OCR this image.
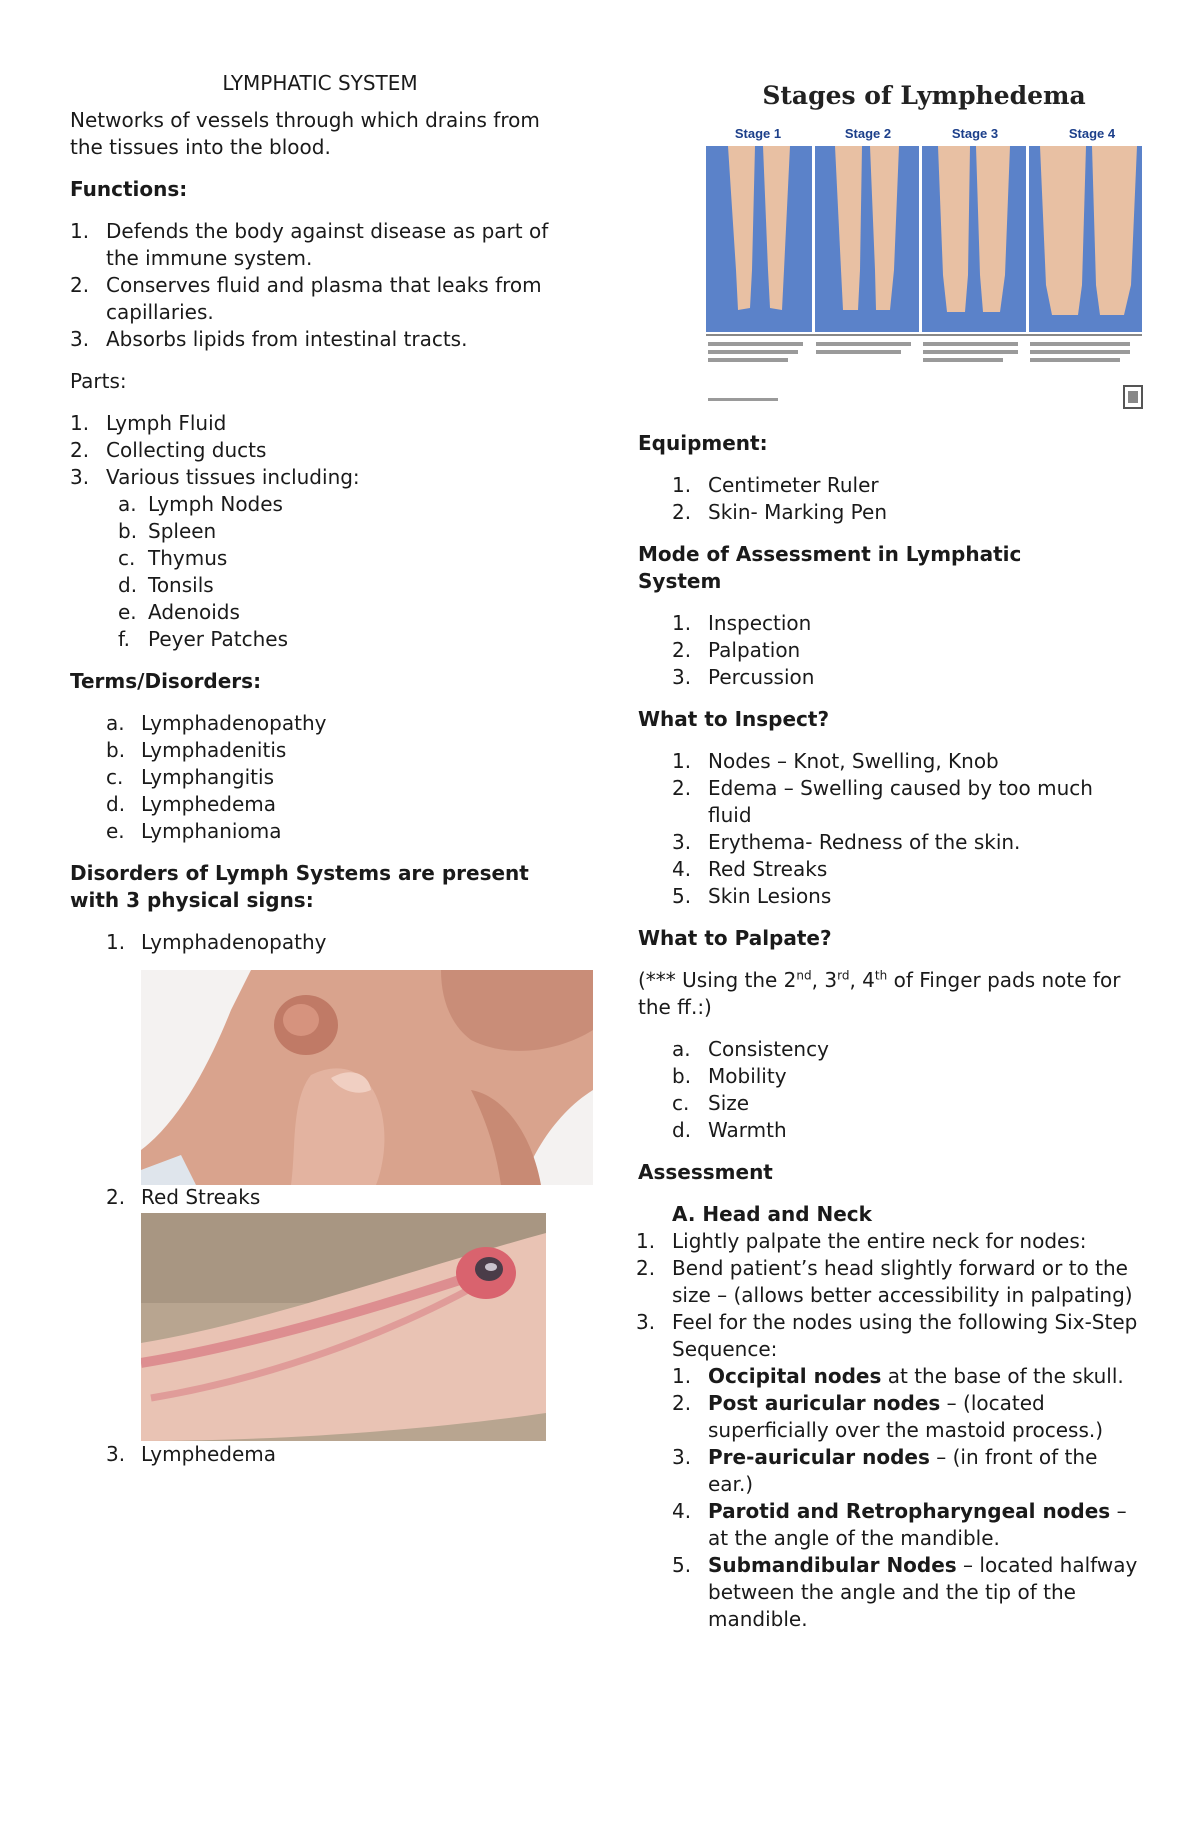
LYMPHATIC SYSTEM

Networks of vessels through which drains from the tissues into the blood.

Functions:

1. Defends the body against disease as part of the immune system.
2. Conserves fluid and plasma that leaks from capillaries.
3. Absorbs lipids from intestinal tracts.

Parts:

1. Lymph Fluid
2. Collecting ducts
3. Various tissues including:
a. Lymph Nodes
b. Spleen
c. Thymus
d. Tonsils
e. Adenoids
f. Peyer Patches

Terms/Disorders:

a. Lymphadenopathy
b. Lymphadenitis
c. Lymphangitis
d. Lymphedema
e. Lymphanioma

Disorders of Lymph Systems are present with 3 physical signs:

1. Lymphadenopathy
2. Red Streaks
3. Lymphedema
Stages of Lymphedema
Stage 1	Stage 2	Stage 3	Stage 4

Equipment:

1. Centimeter Ruler
2. Skin- Marking Pen

Mode of Assessment in Lymphatic System

1. Inspection
2. Palpation
3. Percussion

What to Inspect?

1. Nodes – Knot, Swelling, Knob
2. Edema – Swelling caused by too much fluid
3. Erythema- Redness of the skin.
4. Red Streaks
5. Skin Lesions

What to Palpate?

(*** Using the 2nd, 3rd, 4th of Finger pads note for the ff.:)

a. Consistency
b. Mobility
c. Size
d. Warmth

Assessment

A. Head and Neck

1. Lightly palpate the entire neck for nodes:
2. Bend patient’s head slightly forward or to the size – (allows better accessibility in palpating)
3. Feel for the nodes using the following Six-Step Sequence:
1. Occipital nodes at the base of the skull.
2. Post auricular nodes – (located superficially over the mastoid process.)
3. Pre-auricular nodes – (in front of the ear.)
4. Parotid and Retropharyngeal nodes – at the angle of the mandible.
5. Submandibular Nodes – located halfway between the angle and the tip of the mandible.
